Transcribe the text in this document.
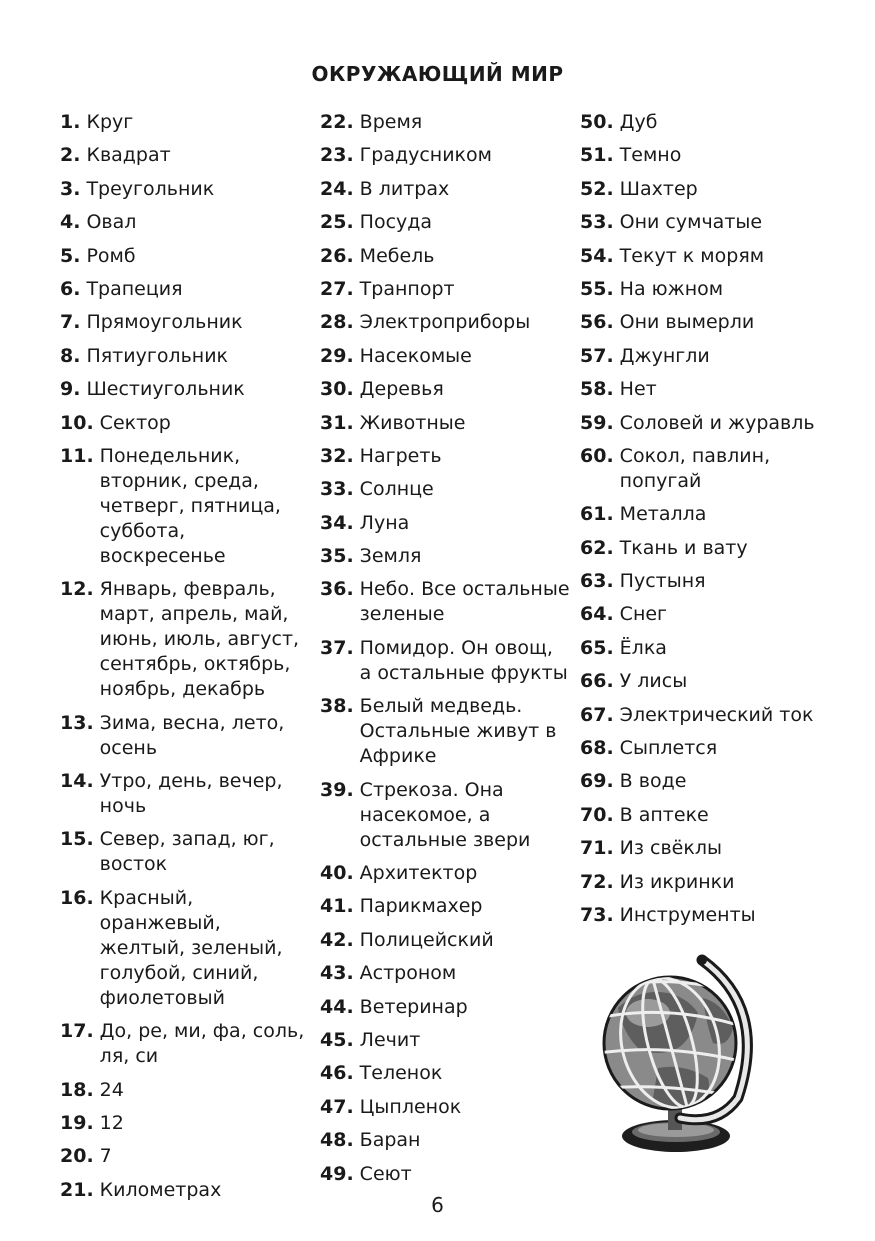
ОКРУЖАЮЩИЙ МИР
1. Круг
2. Квадрат
3. Треугольник
4. Овал
5. Ромб
6. Трапеция
7. Прямоугольник
8. Пятиугольник
9. Шестиугольник
10. Сектор
11. Понедельник, вторник, среда, четверг, пятница, суббота, воскресенье
12. Январь, февраль, март, апрель, май, июнь, июль, август, сентябрь, октябрь, ноябрь, декабрь
13. Зима, весна, лето, осень
14. Утро, день, вечер, ночь
15. Север, запад, юг, восток
16. Красный, оранжевый, желтый, зеленый, голубой, синий, фиолетовый
17. До, ре, ми, фа, соль, ля, си
18. 24
19. 12
20. 7
21. Километрах
22. Время
23. Градусником
24. В литрах
25. Посуда
26. Мебель
27. Транпорт
28. Электроприборы
29. Насекомые
30. Деревья
31. Животные
32. Нагреть
33. Солнце
34. Луна
35. Земля
36. Небо. Все остальные зеленые
37. Помидор. Он овощ, а остальные фрукты
38. Белый медведь. Остальные живут в Африке
39. Стрекоза. Она насекомое, а остальные звери
40. Архитектор
41. Парикмахер
42. Полицейский
43. Астроном
44. Ветеринар
45. Лечит
46. Теленок
47. Цыпленок
48. Баран
49. Сеют
50. Дуб
51. Темно
52. Шахтер
53. Они сумчатые
54. Текут к морям
55. На южном
56. Они вымерли
57. Джунгли
58. Нет
59. Соловей и журавль
60. Сокол, павлин, попугай
61. Металла
62. Ткань и вату
63. Пустыня
64. Снег
65. Ёлка
66. У лисы
67. Электрический ток
68. Сыплется
69. В воде
70. В аптеке
71. Из свёклы
72. Из икринки
73. Инструменты
6
